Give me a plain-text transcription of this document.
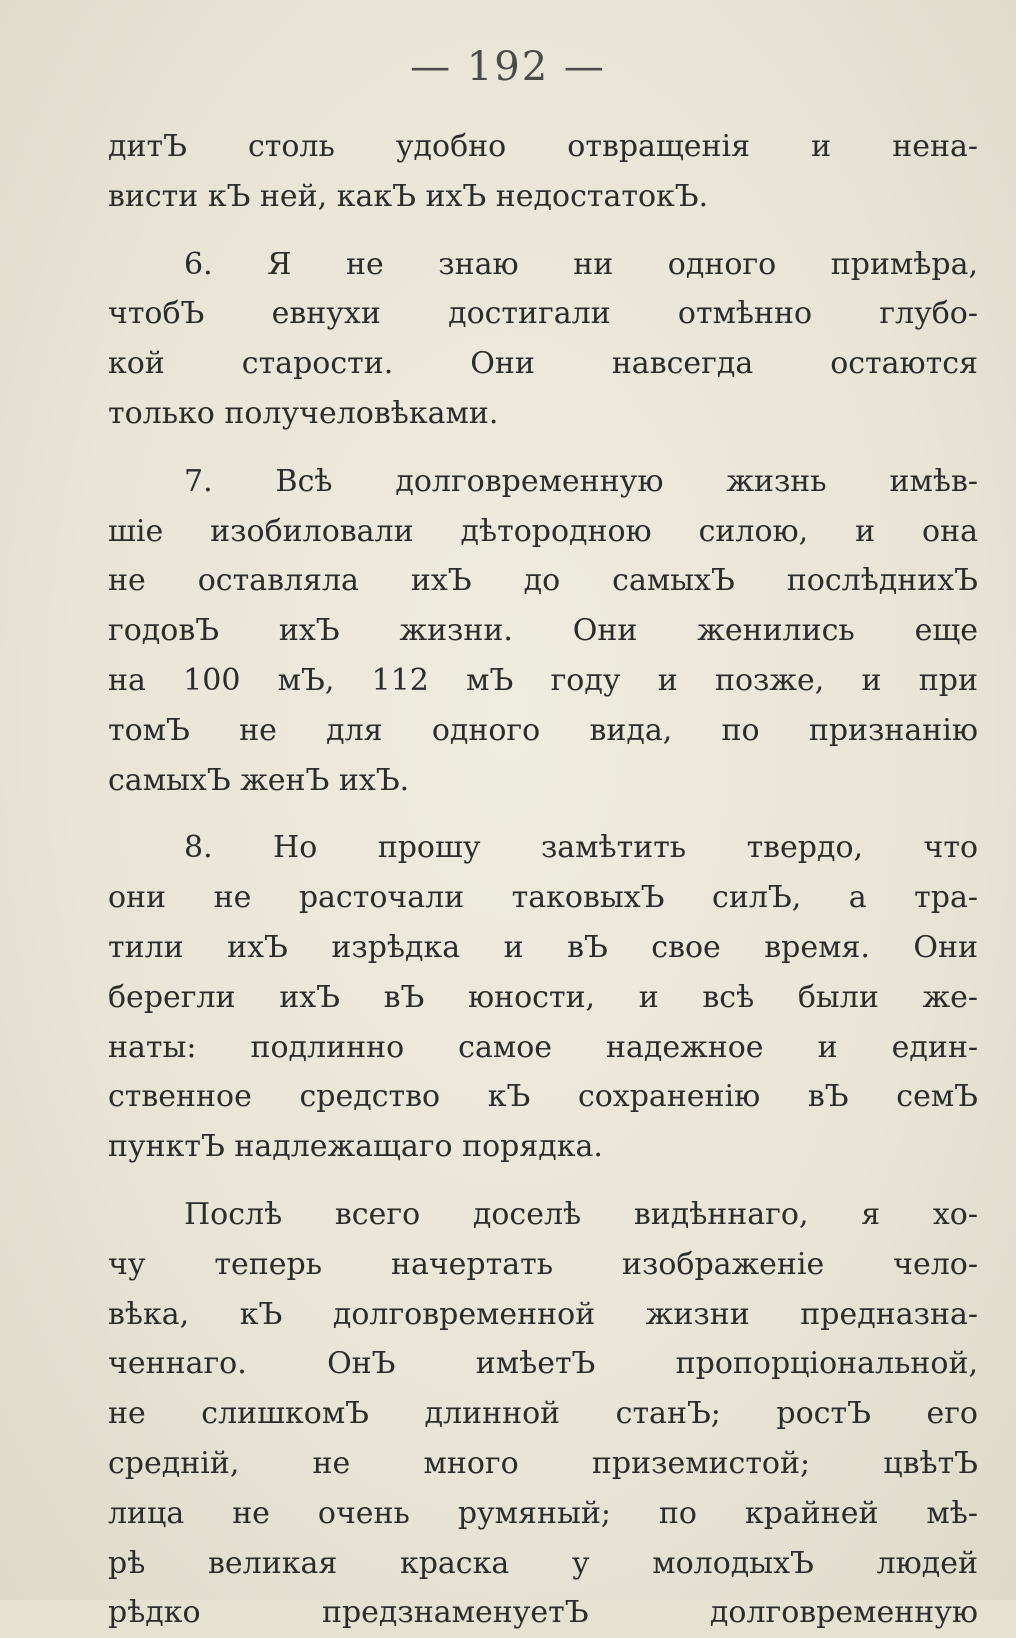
— 192 —

дитЪ столь удобно отвращенія и нена-

висти кЪ ней, какЪ ихЪ недостатокЪ.

6. Я не знаю ни одного примѣра,

чтобЪ евнухи достигали отмѣнно глубо-

кой старости. Они навсегда остаются

только получеловѣками.

7. Всѣ долговременную жизнь имѣв-

шіе изобиловали дѣтородною силою, и она

не оставляла ихЪ до самыхЪ послѣднихЪ

годовЪ ихЪ жизни. Они женились еще

на 100 мЪ, 112 мЪ году и позже, и при

томЪ не для одного вида, по признанію

самыхЪ женЪ ихЪ.

8. Но прошу замѣтить твердо, что

они не расточали таковыхЪ силЪ, а тра-

тили ихЪ изрѣдка и вЪ свое время. Они

берегли ихЪ вЪ юности, и всѣ были же-

наты: подлинно самое надежное и един-

ственное средство кЪ сохраненію вЪ семЪ

пунктЪ надлежащаго порядка.

Послѣ всего доселѣ видѣннаго, я хо-

чу теперь начертать изображеніе чело-

вѣка, кЪ долговременной жизни предназна-

ченнаго. ОнЪ имѣетЪ пропорціональной,

не слишкомЪ длинной станЪ; ростЪ его

средній, не много приземистой; цвѣтЪ

лица не очень румяный; по крайней мѣ-

рѣ великая краска у молодыхЪ людей

рѣдко предзнаменуетЪ долговременную
